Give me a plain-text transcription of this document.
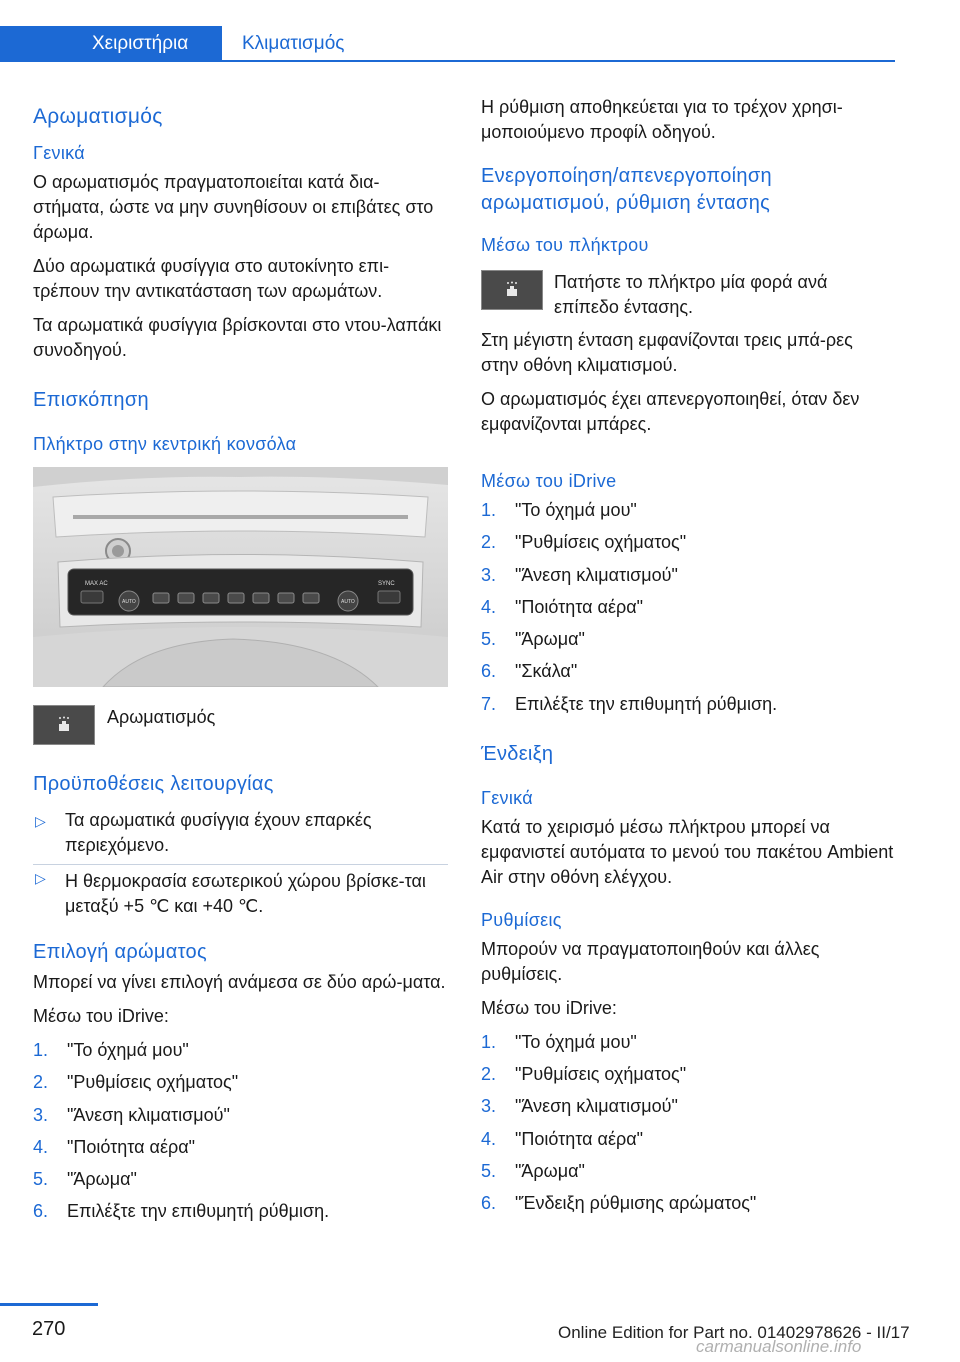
Χειριστήρια	Κλιματισμός
Αρωματισμός
Γενικά

Ο αρωματισμός πραγματοποιείται κατά δια-στήματα, ώστε να μην συνηθίσουν οι επιβάτες στο άρωμα.

Δύο αρωματικά φυσίγγια στο αυτοκίνητο επι-τρέπουν την αντικατάσταση των αρωμάτων.

Τα αρωματικά φυσίγγια βρίσκονται στο ντου-λαπάκι συνοδηγού.

Επισκόπηση
Πλήκτρο στην κεντρική κονσόλα
MAX AC
AUTO	AUTO
SYNC
Αρωματισμός
Προϋποθέσεις λειτουργίας
▷ Τα αρωματικά φυσίγγια έχουν επαρκές περιεχόμενο.
▷ Η θερμοκρασία εσωτερικού χώρου βρίσκε-ται μεταξύ +5 ℃ και +40 ℃.
Επιλογή αρώματος

Μπορεί να γίνει επιλογή ανάμεσα σε δύο αρώ-ματα.

Μέσω του iDrive:

1. "Το όχημά μου"
2. "Ρυθμίσεις οχήματος"
3. "Άνεση κλιματισμού"
4. "Ποιότητα αέρα"
5. "Άρωμα"
6. Επιλέξτε την επιθυμητή ρύθμιση.

Η ρύθμιση αποθηκεύεται για το τρέχον χρησι-μοποιούμενο προφίλ οδηγού.

Ενεργοποίηση/απενεργοποίηση αρωματισμού, ρύθμιση έντασης
Μέσω του πλήκτρου
Πατήστε το πλήκτρο μία φορά ανά επίπεδο έντασης.

Στη μέγιστη ένταση εμφανίζονται τρεις μπά-ρες στην οθόνη κλιματισμού.

Ο αρωματισμός έχει απενεργοποιηθεί, όταν δεν εμφανίζονται μπάρες.

Μέσω του iDrive
1. "Το όχημά μου"
2. "Ρυθμίσεις οχήματος"
3. "Άνεση κλιματισμού"
4. "Ποιότητα αέρα"
5. "Άρωμα"
6. "Σκάλα"
7. Επιλέξτε την επιθυμητή ρύθμιση.
Ένδειξη
Γενικά

Κατά το χειρισμό μέσω πλήκτρου μπορεί να εμφανιστεί αυτόματα το μενού του πακέτου Ambient Air στην οθόνη ελέγχου.

Ρυθμίσεις

Μπορούν να πραγματοποιηθούν και άλλες ρυθμίσεις.

Μέσω του iDrive:

1. "Το όχημά μου"
2. "Ρυθμίσεις οχήματος"
3. "Άνεση κλιματισμού"
4. "Ποιότητα αέρα"
5. "Άρωμα"
6. "Ένδειξη ρύθμισης αρώματος"
270	Online Edition for Part no. 01402978626 - II/17
carmanualsonline.info
